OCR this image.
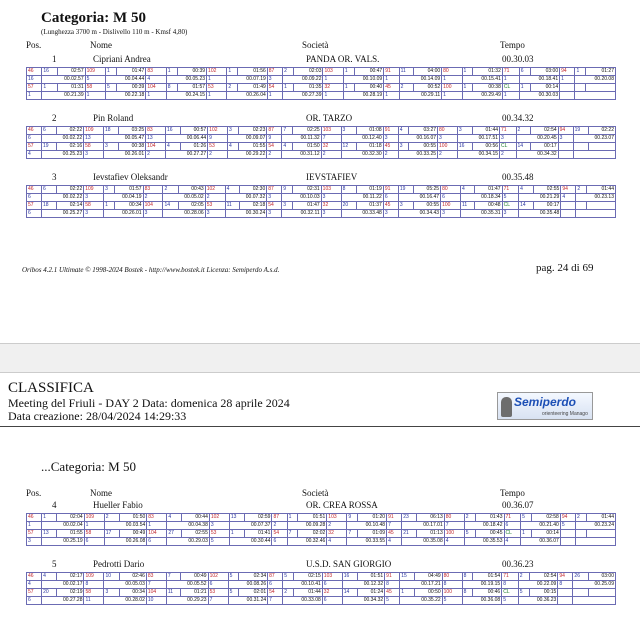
Categoria: M 50
(Lunghezza 3700 m - Dislivello 110 m - Kmsf 4,80)
Pos.	Nome	Società	Tempo
1	Cipriani Andrea	PANDA OR. VALS.	00.30.03
46	16	02:57	109	1	01:47	83	1	00:39	102	1	01:56	87	2	02:03	103	1	00:47	91	11	04:00	80	1	01:32	71	6	03:00	94	1	01:27
16	00.02.57		5	00.04.44		4	00.05.23		1	00.07.19		3	00.09.22		1	00.10.09		1	00.14.09		1	00.15.41		1	00.18.41		1	00.20.08	
57	1	01:31	58	5	00:39	104	8	01:57	53	2	01:49	54	1	01:35	32	1	00:40	45	2	00:52	100	1	00:38	CL	1	00:14			
1	00.21.39		1	00.22.18		1	00.24.15		1	00.26.04		1	00.27.39		1	00.28.19		1	00.29.11		1	00.29.49		1	00.30.03				
2	Pin Roland	OR. TARZO	00.34.32
46	6	02:22	109	18	03:25	83	16	00:57	102	3	02:23	87	7	02:25	103	3	01:08	91	4	03:27	80	3	01:44	71	2	02:54	94	19	02:22
6	00.02.22		13	00.05.47		13	00.06.44		9	00.09.07		9	00.11.32		7	00.12.40		3	00.16.07		3	00.17.51		3	00.20.45		3	00.23.07	
57	19	02:16	58	3	00:38	104	4	01:26	53	4	01:55	54	4	01:50	32	12	01:18	45	3	00:55	100	16	00:56	CL	14	00:17			
4	00.25.23		3	00.26.01		2	00.27.27		2	00.29.22		2	00.31.12		2	00.32.30		2	00.33.25		2	00.34.15		2	00.34.32				
3	Ievstafiev Oleksandr	IEVSTAFIEV	00.35.48
46	6	02:22	109	3	01:57	83	2	00:43	102	4	02:30	87	9	02:31	103	8	01:19	91	19	05:25	80	4	01:47	71	4	02:55	94	2	01:44
6	00.02.22		3	00.04.19		2	00.05.02		2	00.07.32		3	00.10.03		3	00.11.22		6	00.16.47		6	00.18.34		5	00.21.29		4	00.23.13	
57	18	02:14	58	1	00:34	104	14	02:05	53	11	02:18	54	3	01:47	32	20	01:37	45	3	00:55	100	11	00:48	CL	14	00:17			
6	00.25.27		3	00.26.01		3	00.28.06		3	00.30.24		3	00.32.11		3	00.33.48		3	00.34.43		3	00.35.31		3	00.35.48				
Oribos 4.2.1 Ultimate © 1998-2024 Bostek - http://www.bostek.it Licenza: Semiperdo A.s.d.	pag. 24 di 69
CLASSIFICA
Meeting del Friuli - DAY 2 Data: domenica 28 aprile 2024
Data creazione: 28/04/2024 14:29:33
Semiperdo
orienteering Manago
...Categoria: M 50
Pos.	Nome	Società	Tempo
4	Hueller Fabio	OR. CREA ROSSA	00.36.07
46	1	02:04	109	2	01:50	83	4	00:44	102	13	02:59	87	1	01:51	103	9	01:20	91	23	06:13	80	2	01:43	71	5	02:58	94	2	01:44
1	00.02.04		1	00.03.54		1	00.04.38		3	00.07.37		2	00.09.28		2	00.10.48		7	00.17.01		7	00.18.42		6	00.21.40		5	00.23.24	
57	13	01:55	58	17	00:49	104	27	02:55	53	1	01:41	54	7	02:02	32	7	01:09	45	21	01:13	100	5	00:45	CL	1	00:14			
3	00.25.19		6	00.26.08		6	00.29.03		5	00.30.44		6	00.32.46		4	00.33.55		4	00.35.08		4	00.35.53		4	00.36.07				
5	Pedrotti Dario	U.S.D. SAN GIORGIO	00.36.23
46	4	02:17	109	10	02:46	83	7	00:49	102	5	02:34	87	5	02:15	103	16	01:51	91	15	04:49	80	8	01:54	71	2	02:54	94	26	03:00
4	00.02.17		8	00.05.03		7	00.05.52		6	00.08.26		6	00.10.41		6	00.12.32		8	00.17.21		8	00.19.15		8	00.22.09		8	00.25.09	
57	20	02:19	58	3	00:34	104	11	01:21	53	5	02:01	54	2	01:44	32	14	01:24	45	1	00:50	100	8	00:46	CL	5	00:15			
6	00.27.28		11	00.28.02		10	00.29.23		7	00.31.24		7	00.33.08		6	00.34.32		5	00.35.22		5	00.36.08		5	00.36.23				
